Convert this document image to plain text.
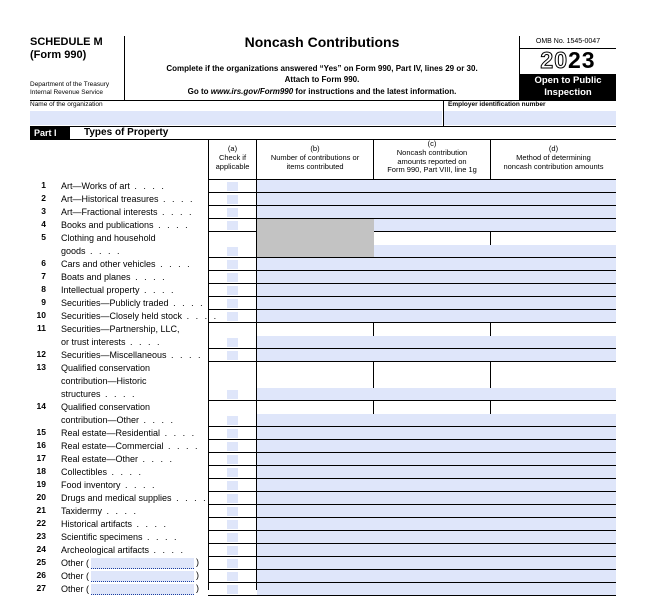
SCHEDULE M
(Form 990)
Department of the Treasury
Internal Revenue Service
Noncash Contributions
Complete if the organizations answered “Yes” on Form 990, Part IV, lines 29 or 30.
Attach to Form 990.
Go to www.irs.gov/Form990 for instructions and the latest information.
OMB No. 1545-0047
2023
Open to Public
Inspection
Name of the organization	Employer identification number
Part I	Types of Property
(a)
Check if
applicable
(b)
Number of contributions or
items contributed
(c)
Noncash contribution
amounts reported on
Form 990, Part VIII, line 1g
(d)
Method of determining
noncash contribution amounts
1 Art—Works of art . . . .
2 Art—Historical treasures . . . .
3 Art—Fractional interests . . . .
4 Books and publications . . . .
5 Clothing and household
goods . . . .
6 Cars and other vehicles . . . .
7 Boats and planes . . . .
8 Intellectual property . . . .
9 Securities—Publicly traded . . . .
10 Securities—Closely held stock . . . .
11 Securities—Partnership, LLC,
or trust interests . . . .
12 Securities—Miscellaneous . . . .
13 Qualified conservation
contribution—Historic
structures . . . .
14 Qualified conservation
contribution—Other . . . .
15 Real estate—Residential . . . .
16 Real estate—Commercial . . . .
17 Real estate—Other . . . .
18 Collectibles . . . .
19 Food inventory . . . .
20 Drugs and medical supplies . . . .
21 Taxidermy . . . .
22 Historical artifacts . . . .
23 Scientific specimens . . . .
24 Archeological artifacts . . . .
25 Other (	)
26 Other (	)
27 Other (	)
